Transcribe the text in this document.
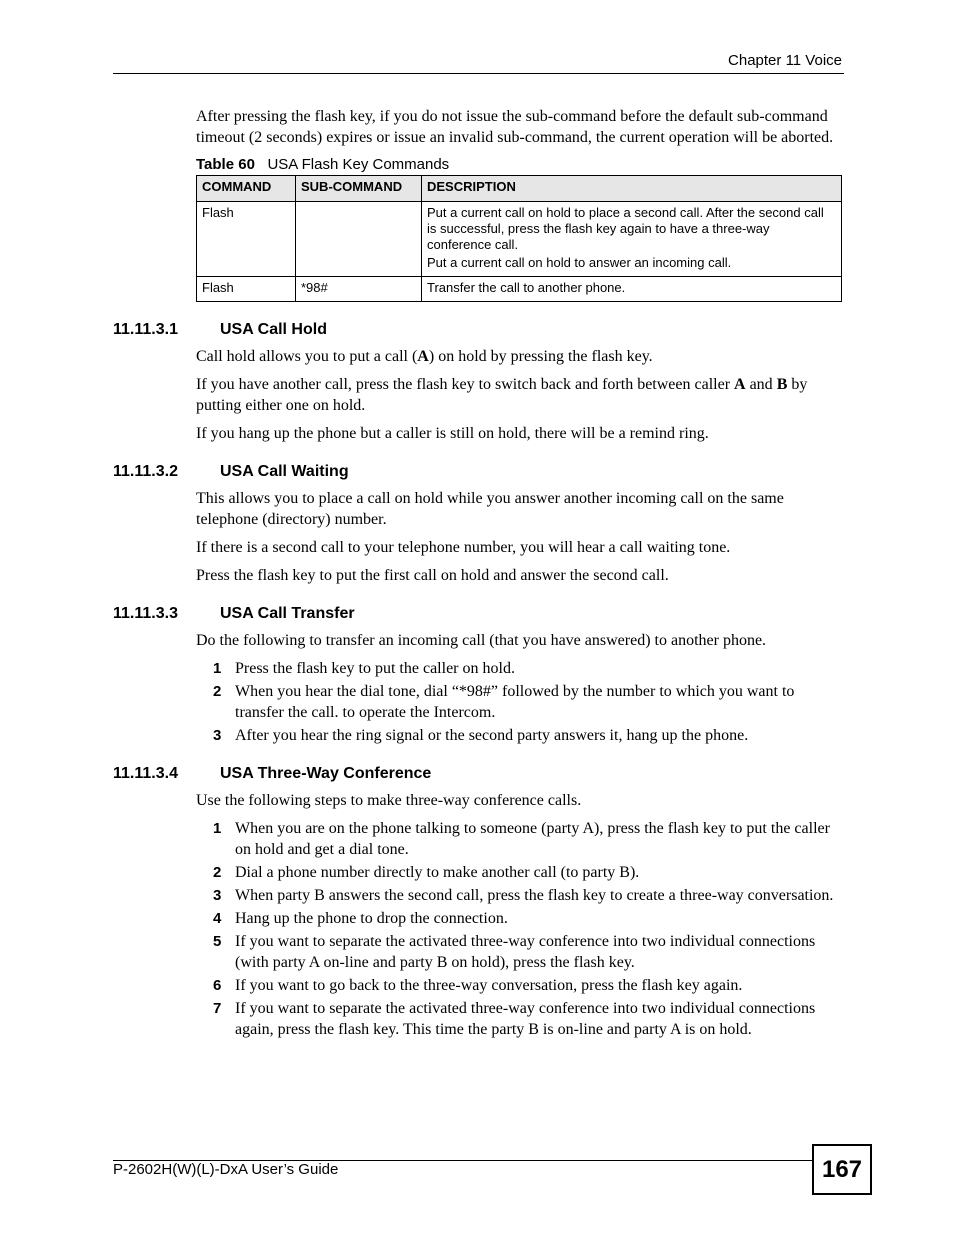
Chapter 11 Voice

After pressing the flash key, if you do not issue the sub-command before the default sub-command timeout (2 seconds) expires or issue an invalid sub-command, the current operation will be aborted.

Table 60 USA Flash Key Commands
COMMAND	SUB-COMMAND	DESCRIPTION
Flash		Put a current call on hold to place a second call. After the second call is successful, press the flash key again to have a three-way conference call.

Put a current call on hold to answer an incoming call.

Flash	*98#	Transfer the call to another phone.

11.11.3.1	USA Call Hold

Call hold allows you to put a call (A) on hold by pressing the flash key.

If you have another call, press the flash key to switch back and forth between caller A and B by putting either one on hold.

If you hang up the phone but a caller is still on hold, there will be a remind ring.

11.11.3.2	USA Call Waiting

This allows you to place a call on hold while you answer another incoming call on the same telephone (directory) number.

If there is a second call to your telephone number, you will hear a call waiting tone.

Press the flash key to put the first call on hold and answer the second call.

11.11.3.3	USA Call Transfer

Do the following to transfer an incoming call (that you have answered) to another phone.

1 Press the flash key to put the caller on hold.
2 When you hear the dial tone, dial “*98#” followed by the number to which you want to transfer the call. to operate the Intercom.
3 After you hear the ring signal or the second party answers it, hang up the phone.
11.11.3.4	USA Three-Way Conference

Use the following steps to make three-way conference calls.

1 When you are on the phone talking to someone (party A), press the flash key to put the caller on hold and get a dial tone.
2 Dial a phone number directly to make another call (to party B).
3 When party B answers the second call, press the flash key to create a three-way conversation.
4 Hang up the phone to drop the connection.
5 If you want to separate the activated three-way conference into two individual connections (with party A on-line and party B on hold), press the flash key.
6 If you want to go back to the three-way conversation, press the flash key again.
7 If you want to separate the activated three-way conference into two individual connections again, press the flash key. This time the party B is on-line and party A is on hold.
P-2602H(W)(L)-DxA User’s Guide	167
